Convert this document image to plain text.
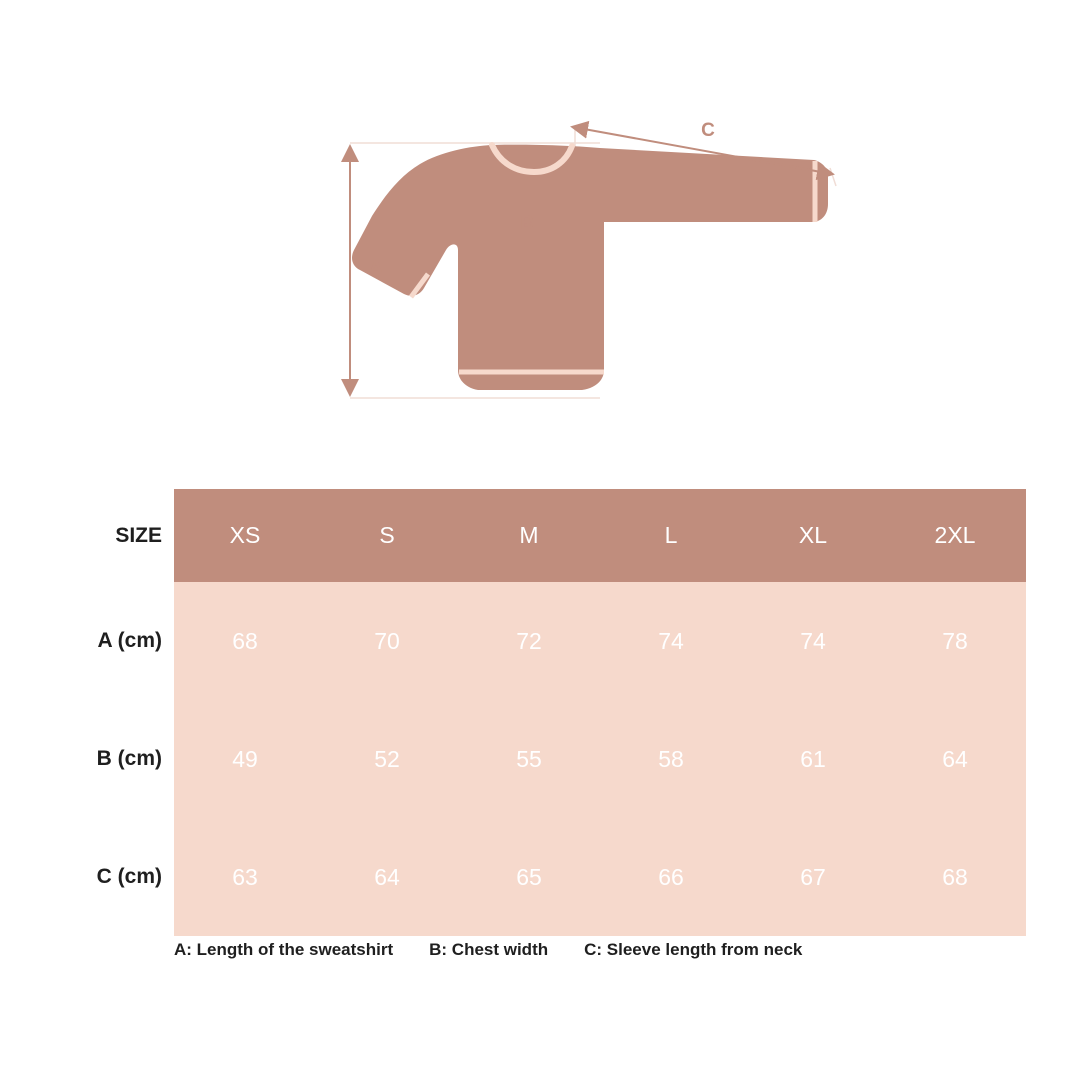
A
B
C
SIZE	XS	S	M	L	XL	2XL

A (cm)	68	70	72	74	74	78

B (cm)	49	52	55	58	61	64

C (cm)	63	64	65	66	67	68
A: Length of the sweatshirt B: Chest width C: Sleeve length from neck
